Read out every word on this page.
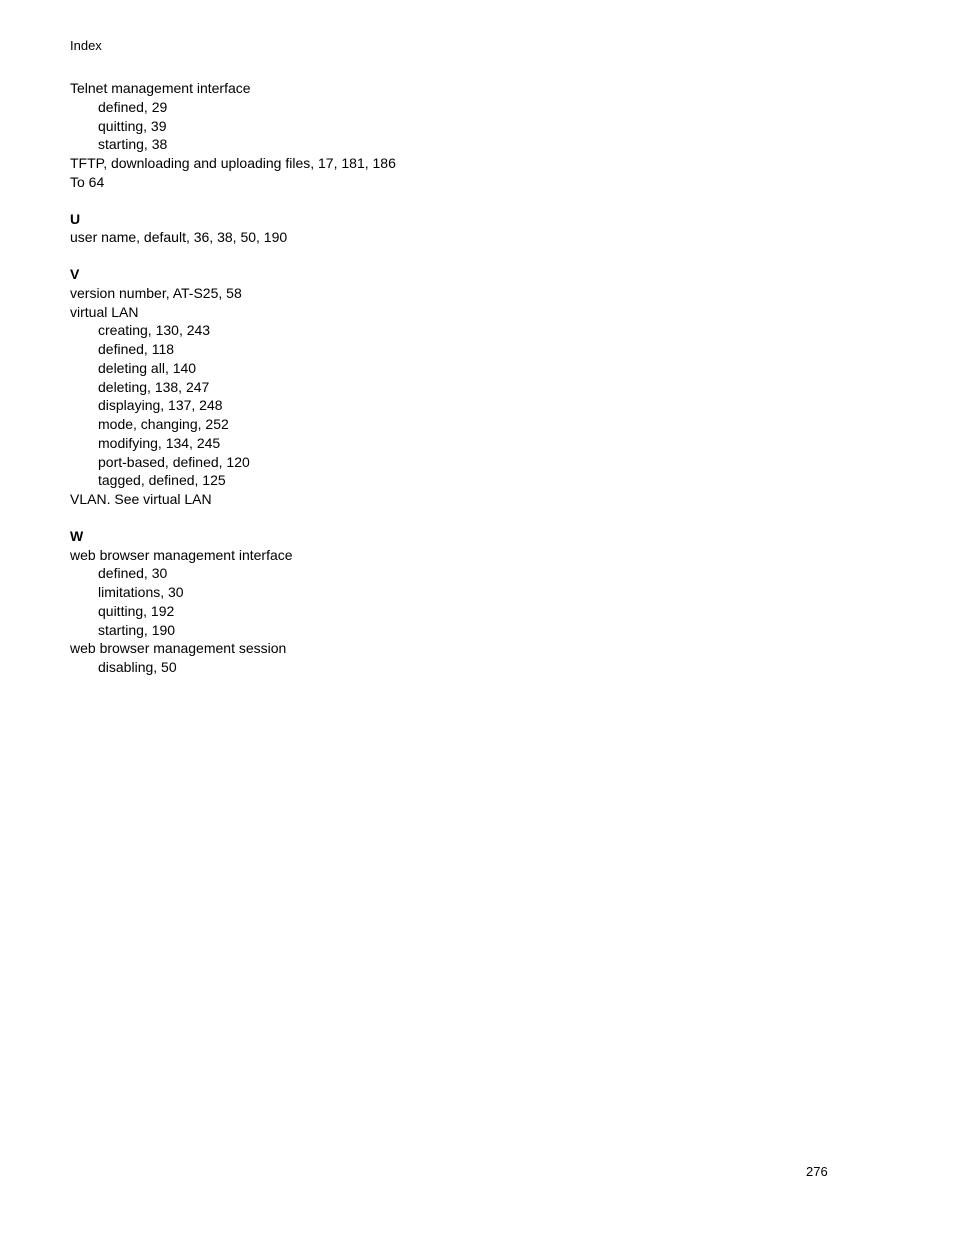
Index
Telnet management interface
defined, 29
quitting, 39
starting, 38
TFTP, downloading and uploading files, 17, 181, 186
To 64
U
user name, default, 36, 38, 50, 190
V
version number, AT-S25, 58
virtual LAN
creating, 130, 243
defined, 118
deleting all, 140
deleting, 138, 247
displaying, 137, 248
mode, changing, 252
modifying, 134, 245
port-based, defined, 120
tagged, defined, 125
VLAN. See virtual LAN
W
web browser management interface
defined, 30
limitations, 30
quitting, 192
starting, 190
web browser management session
disabling, 50
276
